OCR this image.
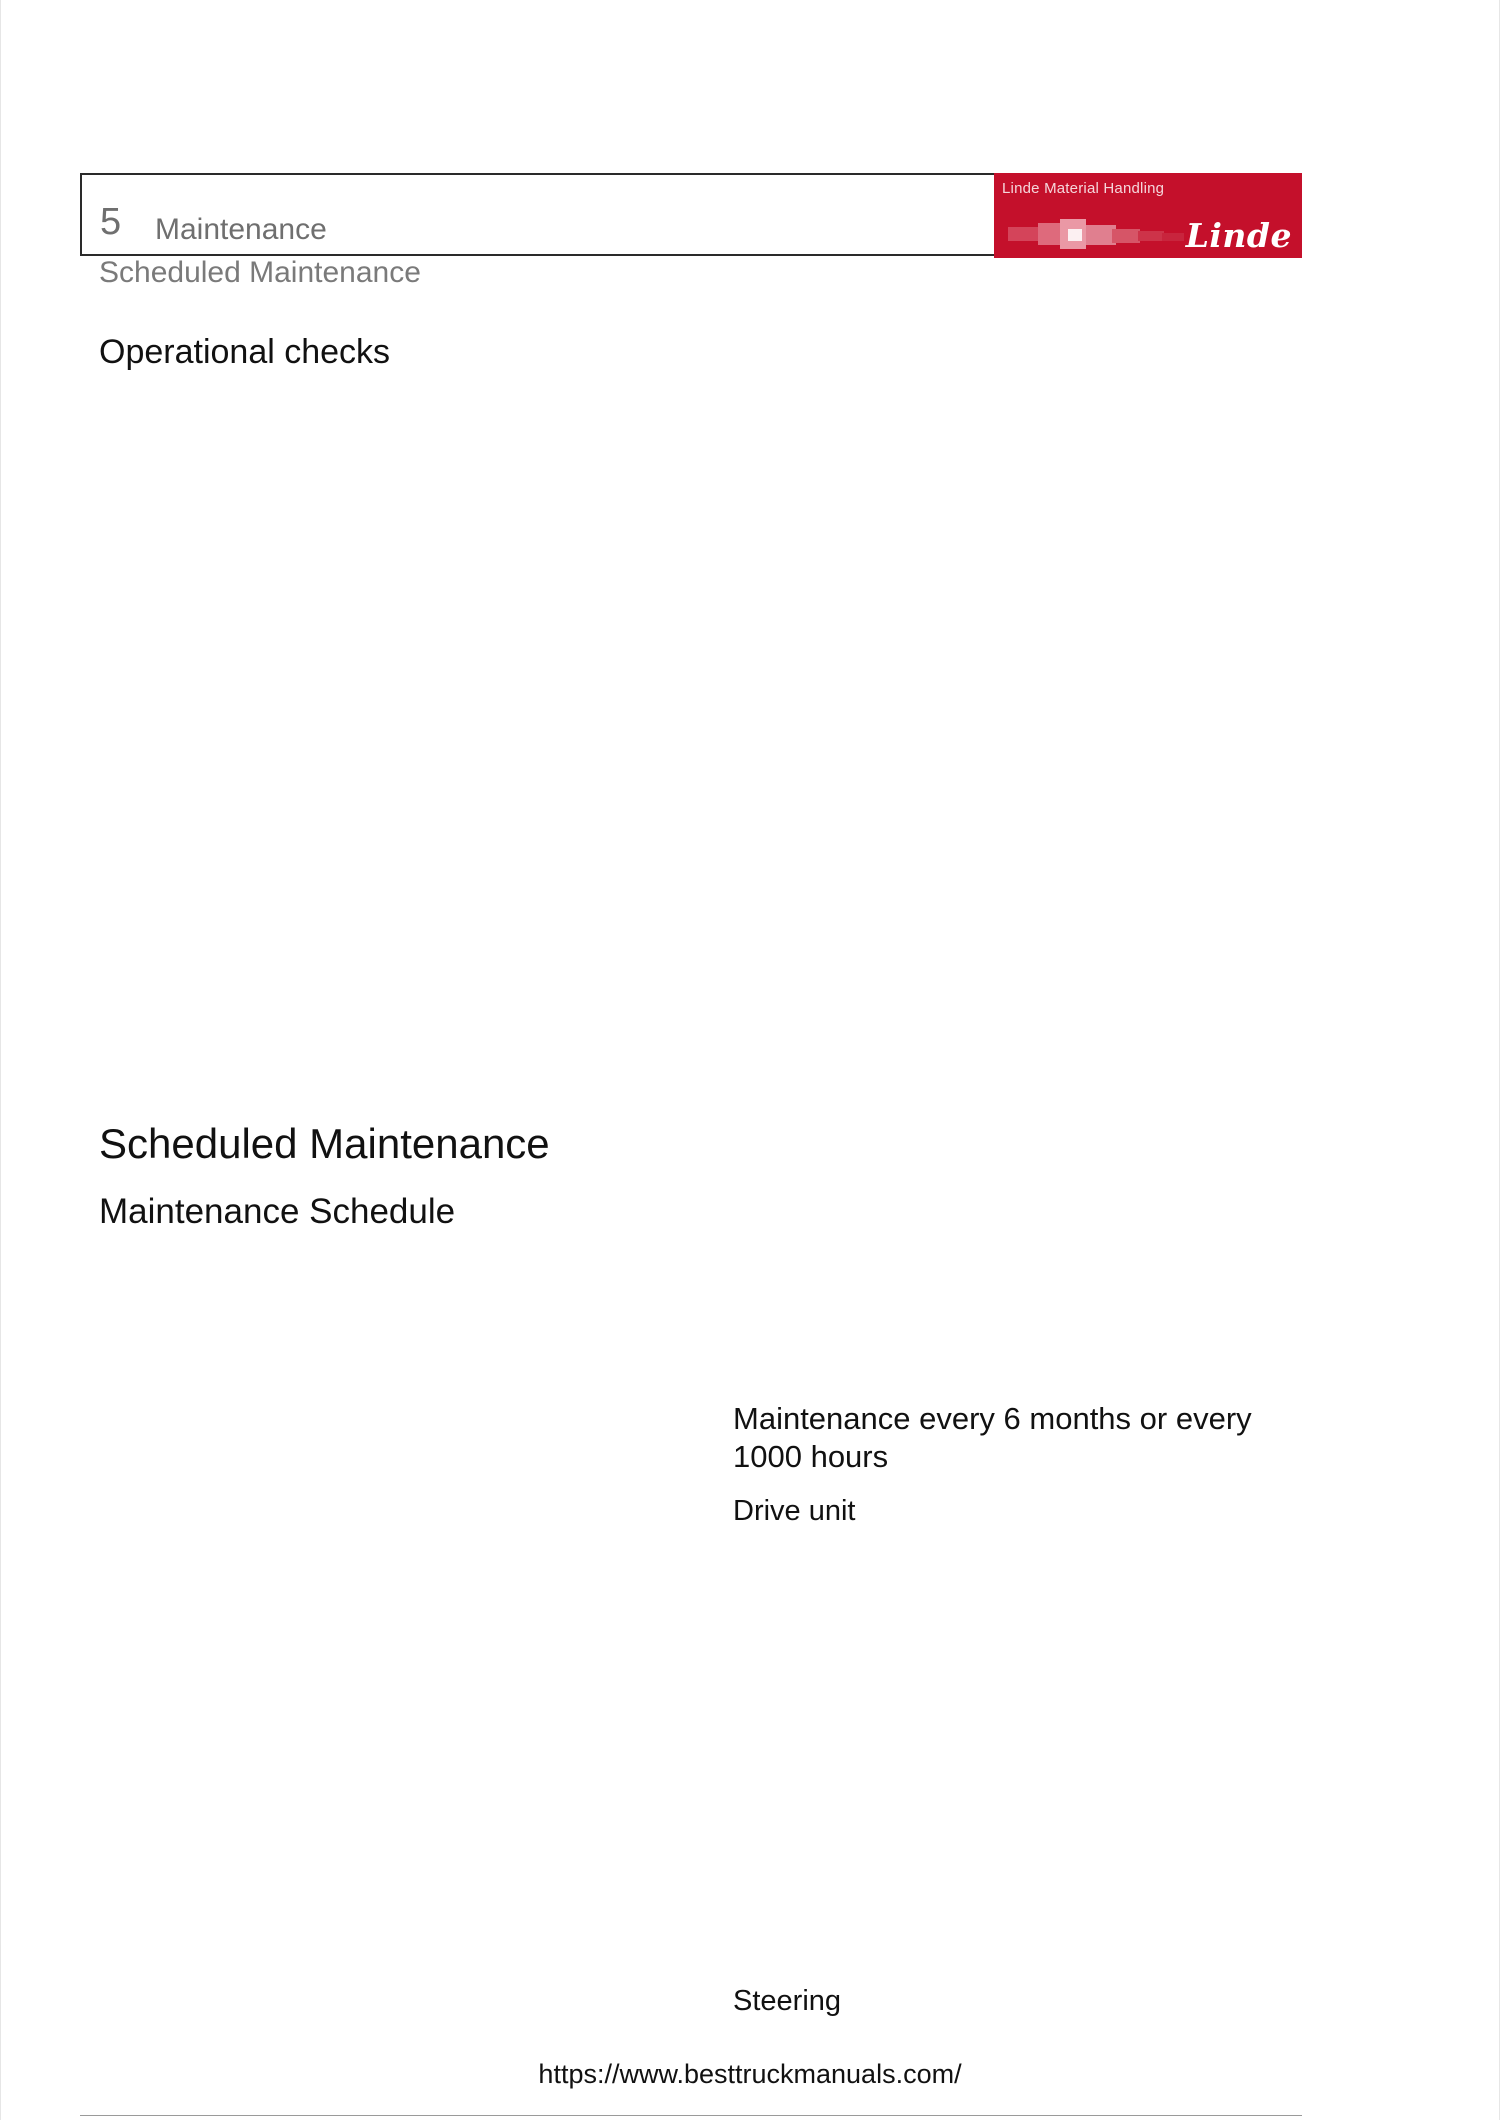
5 Maintenance
Linde Material Handling
Linde
Scheduled Maintenance
Operational checks
Scheduled Maintenance
Maintenance Schedule
Maintenance every 6 months or every 1000 hours
Drive unit
Steering
https://www.besttruckmanuals.com/
